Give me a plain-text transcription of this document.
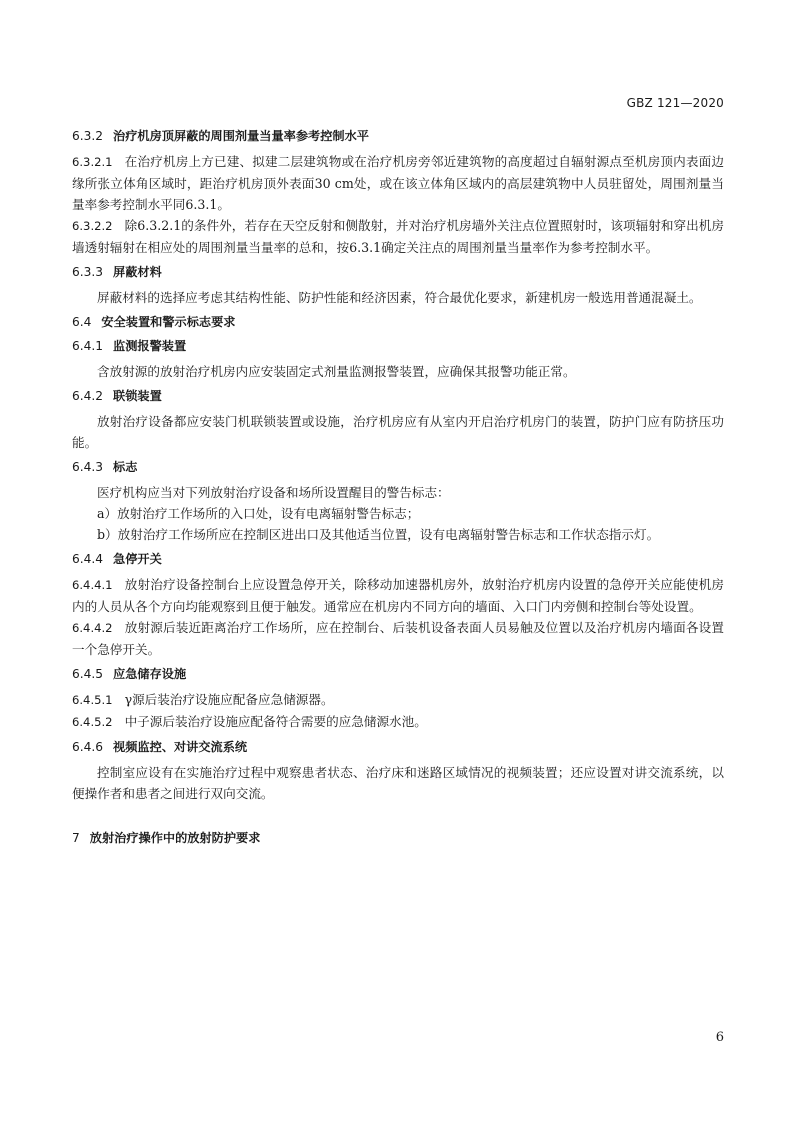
GBZ 121—2020
6.3.2 治疗机房顶屏蔽的周围剂量当量率参考控制水平

6.3.2.1 在治疗机房上方已建、拟建二层建筑物或在治疗机房旁邻近建筑物的高度超过自辐射源点至机房顶内表面边缘所张立体角区域时，距治疗机房顶外表面30 cm处，或在该立体角区域内的高层建筑物中人员驻留处，周围剂量当量率参考控制水平同6.3.1。

6.3.2.2 除6.3.2.1的条件外，若存在天空反射和侧散射，并对治疗机房墙外关注点位置照射时，该项辐射和穿出机房墙透射辐射在相应处的周围剂量当量率的总和，按6.3.1确定关注点的周围剂量当量率作为参考控制水平。

6.3.3 屏蔽材料

屏蔽材料的选择应考虑其结构性能、防护性能和经济因素，符合最优化要求，新建机房一般选用普通混凝土。

6.4 安全装置和警示标志要求
6.4.1 监测报警装置

含放射源的放射治疗机房内应安装固定式剂量监测报警装置，应确保其报警功能正常。

6.4.2 联锁装置

放射治疗设备都应安装门机联锁装置或设施，治疗机房应有从室内开启治疗机房门的装置，防护门应有防挤压功能。

6.4.3 标志

医疗机构应当对下列放射治疗设备和场所设置醒目的警告标志：

a）放射治疗工作场所的入口处，设有电离辐射警告标志；

b）放射治疗工作场所应在控制区进出口及其他适当位置，设有电离辐射警告标志和工作状态指示灯。

6.4.4 急停开关

6.4.4.1 放射治疗设备控制台上应设置急停开关，除移动加速器机房外，放射治疗机房内设置的急停开关应能使机房内的人员从各个方向均能观察到且便于触发。通常应在机房内不同方向的墙面、入口门内旁侧和控制台等处设置。

6.4.4.2 放射源后装近距离治疗工作场所，应在控制台、后装机设备表面人员易触及位置以及治疗机房内墙面各设置一个急停开关。

6.4.5 应急储存设施

6.4.5.1 γ源后装治疗设施应配备应急储源器。

6.4.5.2 中子源后装治疗设施应配备符合需要的应急储源水池。

6.4.6 视频监控、对讲交流系统

控制室应设有在实施治疗过程中观察患者状态、治疗床和迷路区域情况的视频装置；还应设置对讲交流系统，以便操作者和患者之间进行双向交流。

7 放射治疗操作中的放射防护要求
6
